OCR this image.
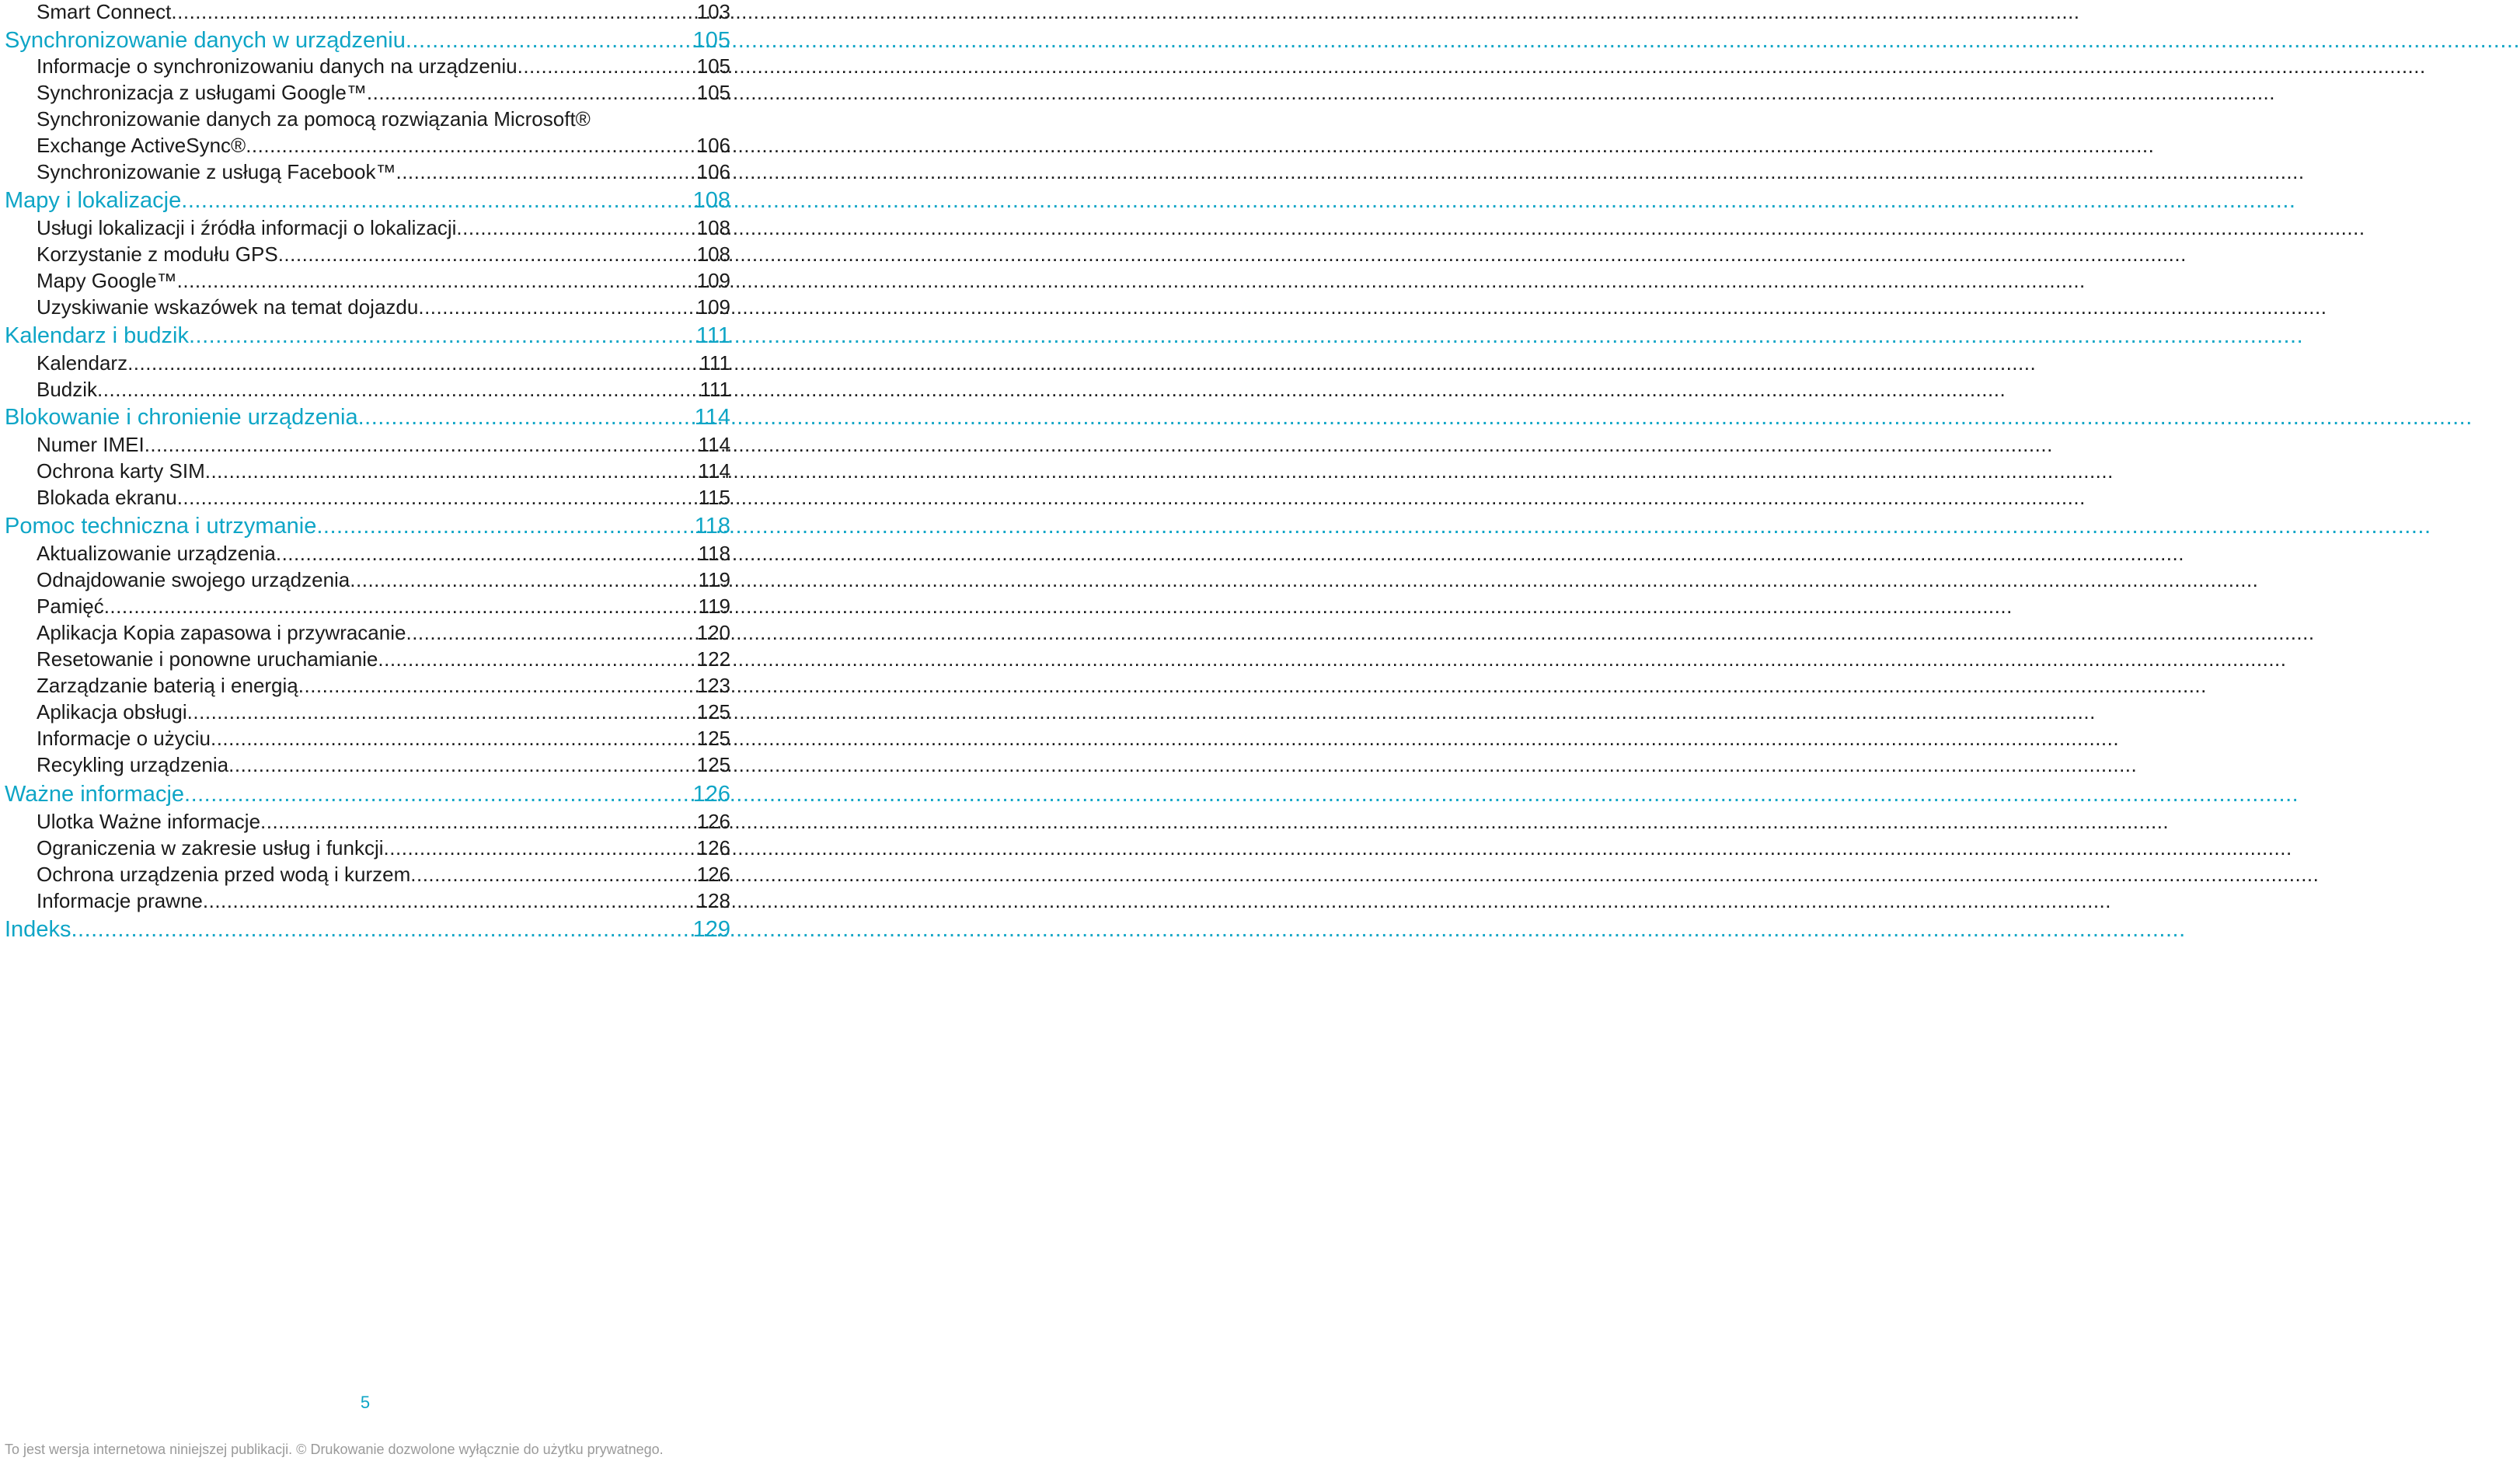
Smart Connect .....	103
Synchronizowanie danych w urządzeniu .....	105
Informacje o synchronizowaniu danych na urządzeniu .....	105
Synchronizacja z usługami Google™ .....	105
Synchronizowanie danych za pomocą rozwiązania Microsoft®
Exchange ActiveSync® .....	106
Synchronizowanie z usługą Facebook™ .....	106
Mapy i lokalizacje .....	108
Usługi lokalizacji i źródła informacji o lokalizacji .....	108
Korzystanie z modułu GPS .....	108
Mapy Google™ .....	109
Uzyskiwanie wskazówek na temat dojazdu .....	109
Kalendarz i budzik .....	111
Kalendarz .....	111
Budzik .....	111
Blokowanie i chronienie urządzenia .....	114
Numer IMEI .....	114
Ochrona karty SIM .....	114
Blokada ekranu .....	115
Pomoc techniczna i utrzymanie .....	118
Aktualizowanie urządzenia .....	118
Odnajdowanie swojego urządzenia .....	119
Pamięć .....	119
Aplikacja Kopia zapasowa i przywracanie .....	120
Resetowanie i ponowne uruchamianie .....	122
Zarządzanie baterią i energią .....	123
Aplikacja obsługi .....	125
Informacje o użyciu .....	125
Recykling urządzenia .....	125
Ważne informacje .....	126
Ulotka Ważne informacje .....	126
Ograniczenia w zakresie usług i funkcji .....	126
Ochrona urządzenia przed wodą i kurzem .....	126
Informacje prawne .....	128
Indeks .....	129
5
To jest wersja internetowa niniejszej publikacji. © Drukowanie dozwolone wyłącznie do użytku prywatnego.
